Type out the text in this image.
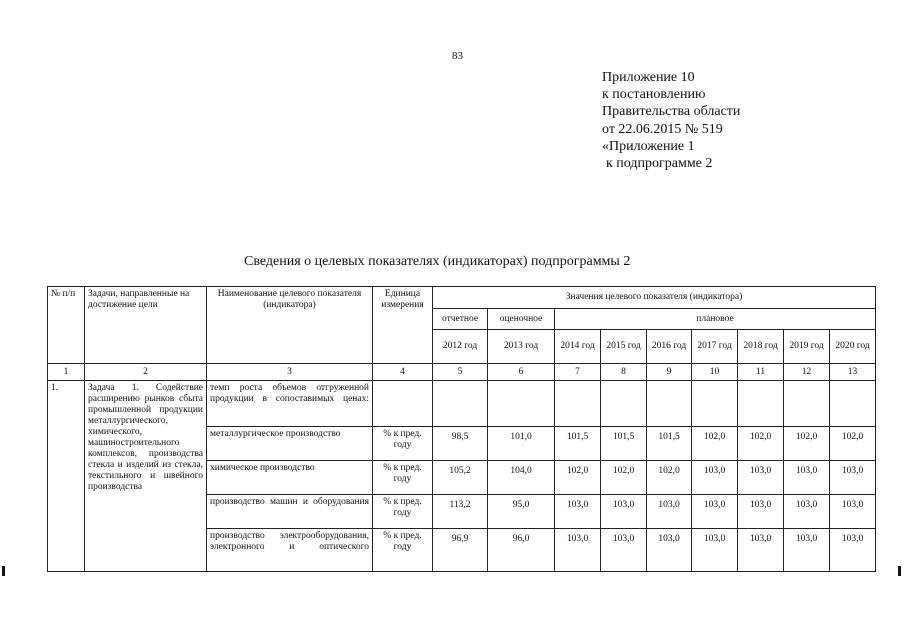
83
Приложение 10
к постановлению
Правительства области
от 22.06.2015 № 519
«Приложение 1
к подпрограмме 2
Сведения о целевых показателях (индикаторах) подпрограммы 2
№ п/п	Задачи, направленные на достижение цели	Наименование целевого показателя (индикатора)	Единица измерения	Значения целевого показателя (индикатора)								
				отчетное	оценочное	плановое						
				2012 год	2013 год	2014 год	2015 год	2016 год	2017 год	2018 год	2019 год	2020 год
1	2	3	4	5	6	7	8	9	10	11	12	13
1.	Задача 1. Содействие расширению рынков сбыта промышленной продукции металлургического, химического, машиностроительного комплексов, производства стекла и изделий из стекла, текстильного и швейного производства	темп роста объемов отгруженной продукции в сопоставимых ценах:										
		металлургическое производство	% к пред. году	98,5	101,0	101,5	101,5	101,5	102,0	102,0	102,0	102,0
		химическое производство	% к пред. году	105,2	104,0	102,0	102,0	102,0	103,0	103,0	103,0	103,0
		производство машин и оборудования	% к пред. году	113,2	95,0	103,0	103,0	103,0	103,0	103,0	103,0	103,0
		производство электрооборудования, электронного и оптического	% к пред. году	96,9	96,0	103,0	103,0	103,0	103,0	103,0	103,0	103,0
